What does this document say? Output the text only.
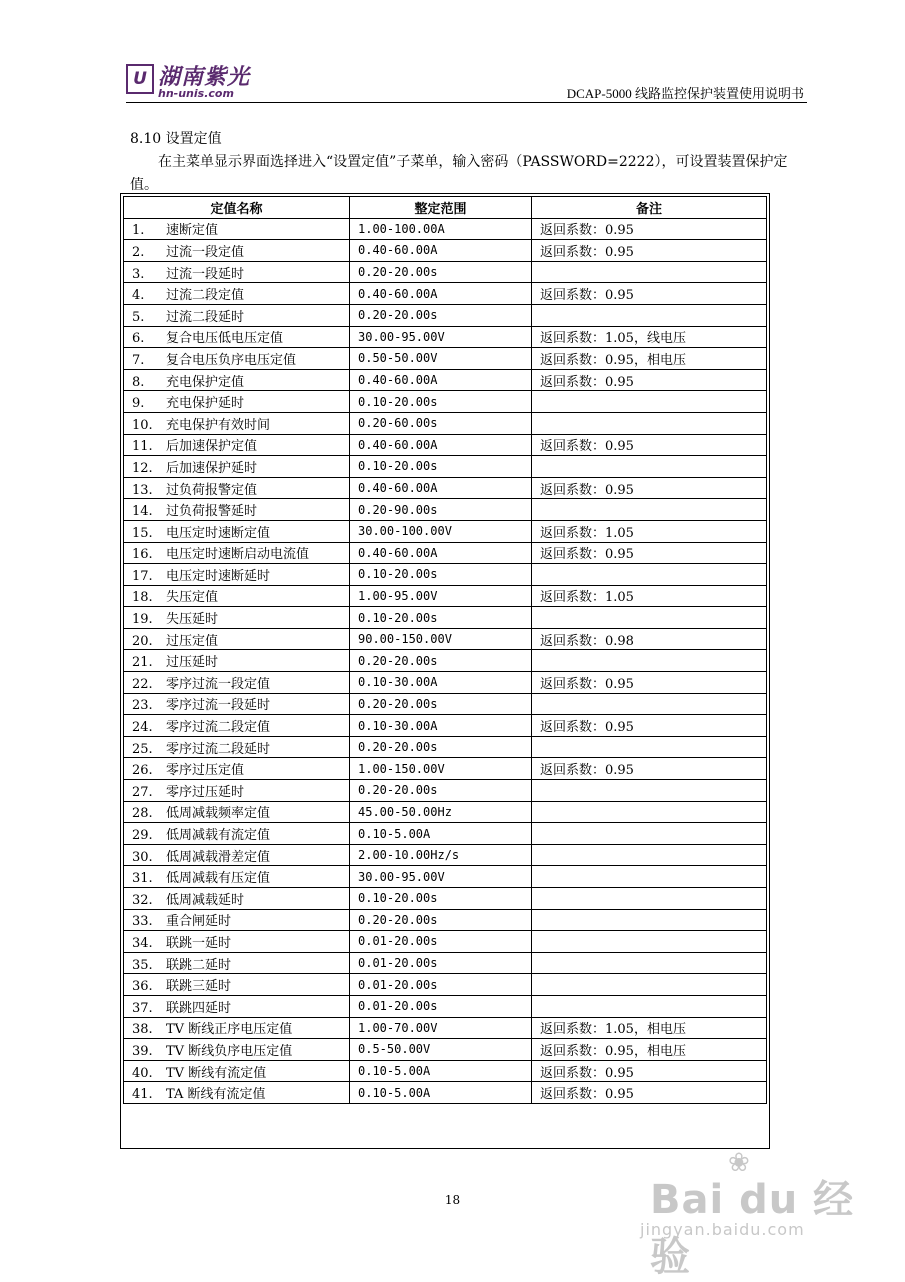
U 湖南紫光
hn-unis.com	DCAP-5000 线路监控保护装置使用说明书
8.10 设置定值
在主菜单显示界面选择进入“设置定值”子菜单，输入密码（PASSWORD=2222），可设置装置保护定值。
定值名称	整定范围	备注
1. 速断定值	1.00-100.00A	返回系数：0.95
2. 过流一段定值	0.40-60.00A	返回系数：0.95
3. 过流一段延时	0.20-20.00s	
4. 过流二段定值	0.40-60.00A	返回系数：0.95
5. 过流二段延时	0.20-20.00s	
6. 复合电压低电压定值	30.00-95.00V	返回系数：1.05，线电压
7. 复合电压负序电压定值	0.50-50.00V	返回系数：0.95，相电压
8. 充电保护定值	0.40-60.00A	返回系数：0.95
9. 充电保护延时	0.10-20.00s	
10. 充电保护有效时间	0.20-60.00s	
11. 后加速保护定值	0.40-60.00A	返回系数：0.95
12. 后加速保护延时	0.10-20.00s	
13. 过负荷报警定值	0.40-60.00A	返回系数：0.95
14. 过负荷报警延时	0.20-90.00s	
15. 电压定时速断定值	30.00-100.00V	返回系数：1.05
16. 电压定时速断启动电流值	0.40-60.00A	返回系数：0.95
17. 电压定时速断延时	0.10-20.00s	
18. 失压定值	1.00-95.00V	返回系数：1.05
19. 失压延时	0.10-20.00s	
20. 过压定值	90.00-150.00V	返回系数：0.98
21. 过压延时	0.20-20.00s	
22. 零序过流一段定值	0.10-30.00A	返回系数：0.95
23. 零序过流一段延时	0.20-20.00s	
24. 零序过流二段定值	0.10-30.00A	返回系数：0.95
25. 零序过流二段延时	0.20-20.00s	
26. 零序过压定值	1.00-150.00V	返回系数：0.95
27. 零序过压延时	0.20-20.00s	
28. 低周减载频率定值	45.00-50.00Hz	
29. 低周减载有流定值	0.10-5.00A	
30. 低周减载滑差定值	2.00-10.00Hz/s	
31. 低周减载有压定值	30.00-95.00V	
32. 低周减载延时	0.10-20.00s	
33. 重合闸延时	0.20-20.00s	
34. 联跳一延时	0.01-20.00s	
35. 联跳二延时	0.01-20.00s	
36. 联跳三延时	0.01-20.00s	
37. 联跳四延时	0.01-20.00s	
38. TV 断线正序电压定值	1.00-70.00V	返回系数：1.05，相电压
39. TV 断线负序电压定值	0.5-50.00V	返回系数：0.95，相电压
40. TV 断线有流定值	0.10-5.00A	返回系数：0.95
41. TA 断线有流定值	0.10-5.00A	返回系数：0.95
18
❀
Bai du 经验
jingyan.baidu.com
